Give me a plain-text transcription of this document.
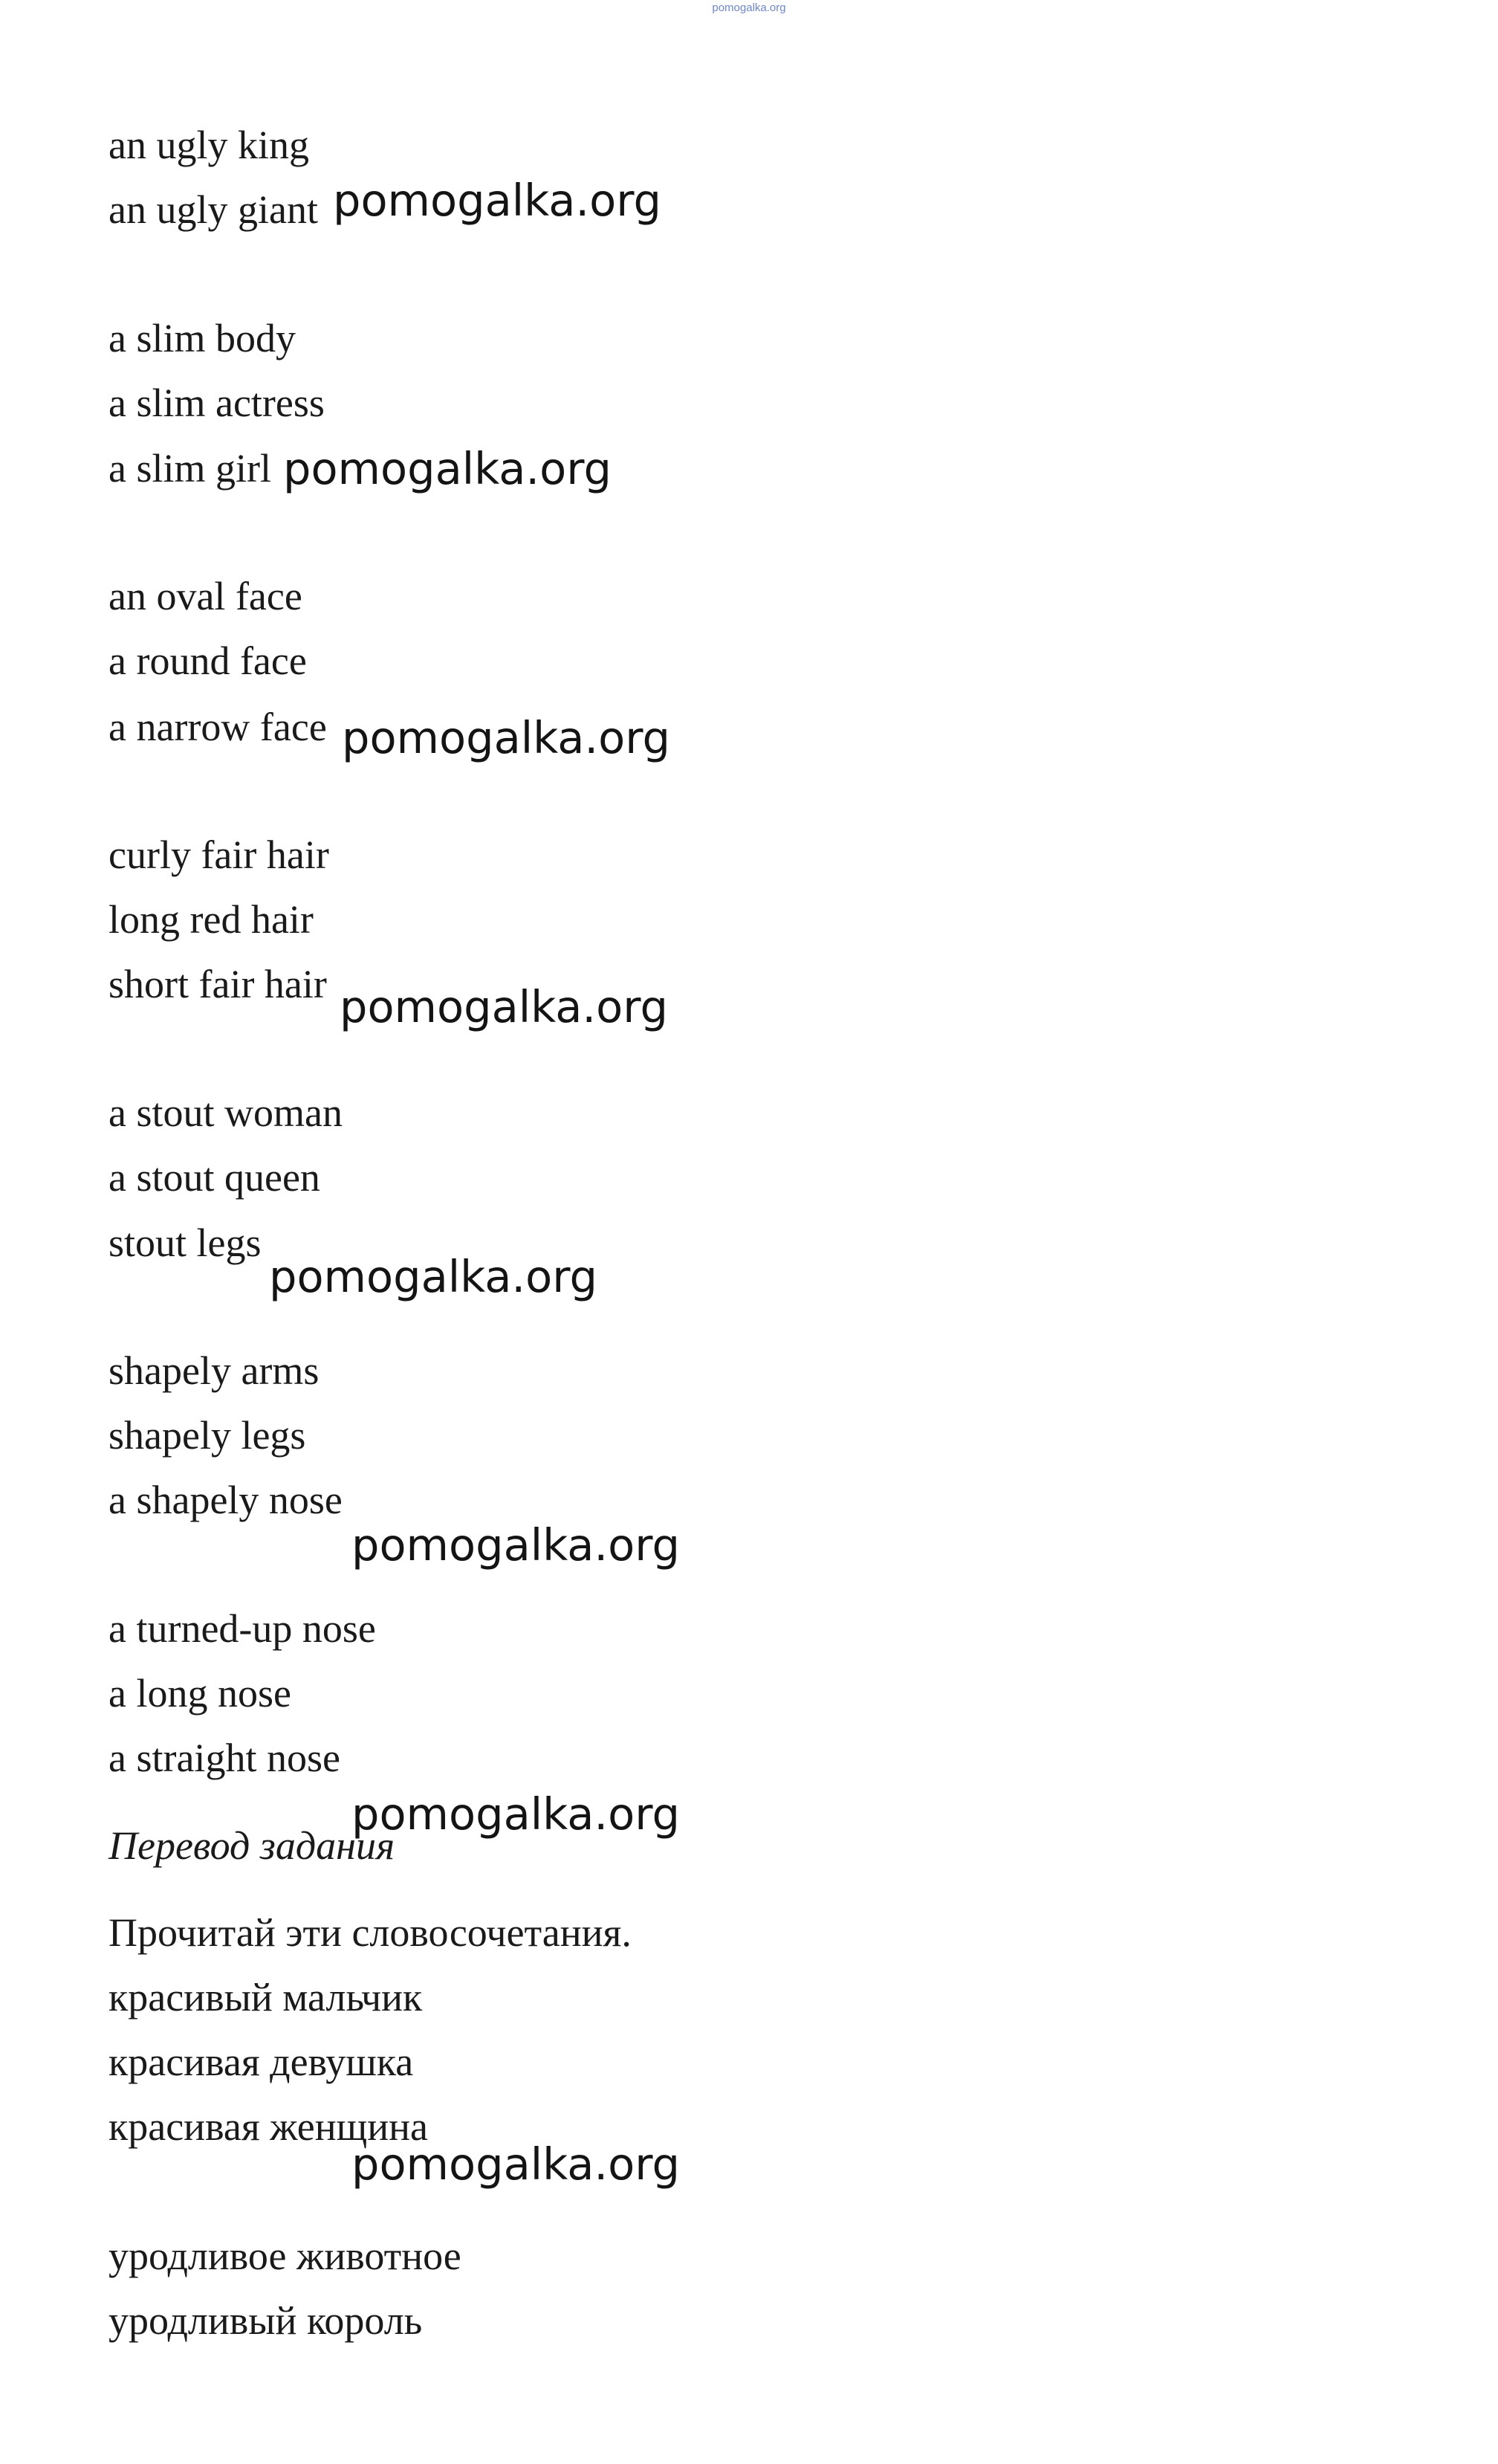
pomogalka.org
an ugly king
an ugly giant pomogalka.org
a slim body
a slim actress
a slim girl pomogalka.org
an oval face
a round face
a narrow face pomogalka.org
curly fair hair
long red hair
short fair hair pomogalka.org
a stout woman
a stout queen
stout legs
pomogalka.org
shapely arms
shapely legs
a shapely nose
pomogalka.org
a turned-up nose
a long nose
a straight nose
pomogalka.org
Перевод задания
Прочитай эти словосочетания.
красивый мальчик
красивая девушка
красивая женщина
pomogalka.org
уродливое животное
уродливый король
